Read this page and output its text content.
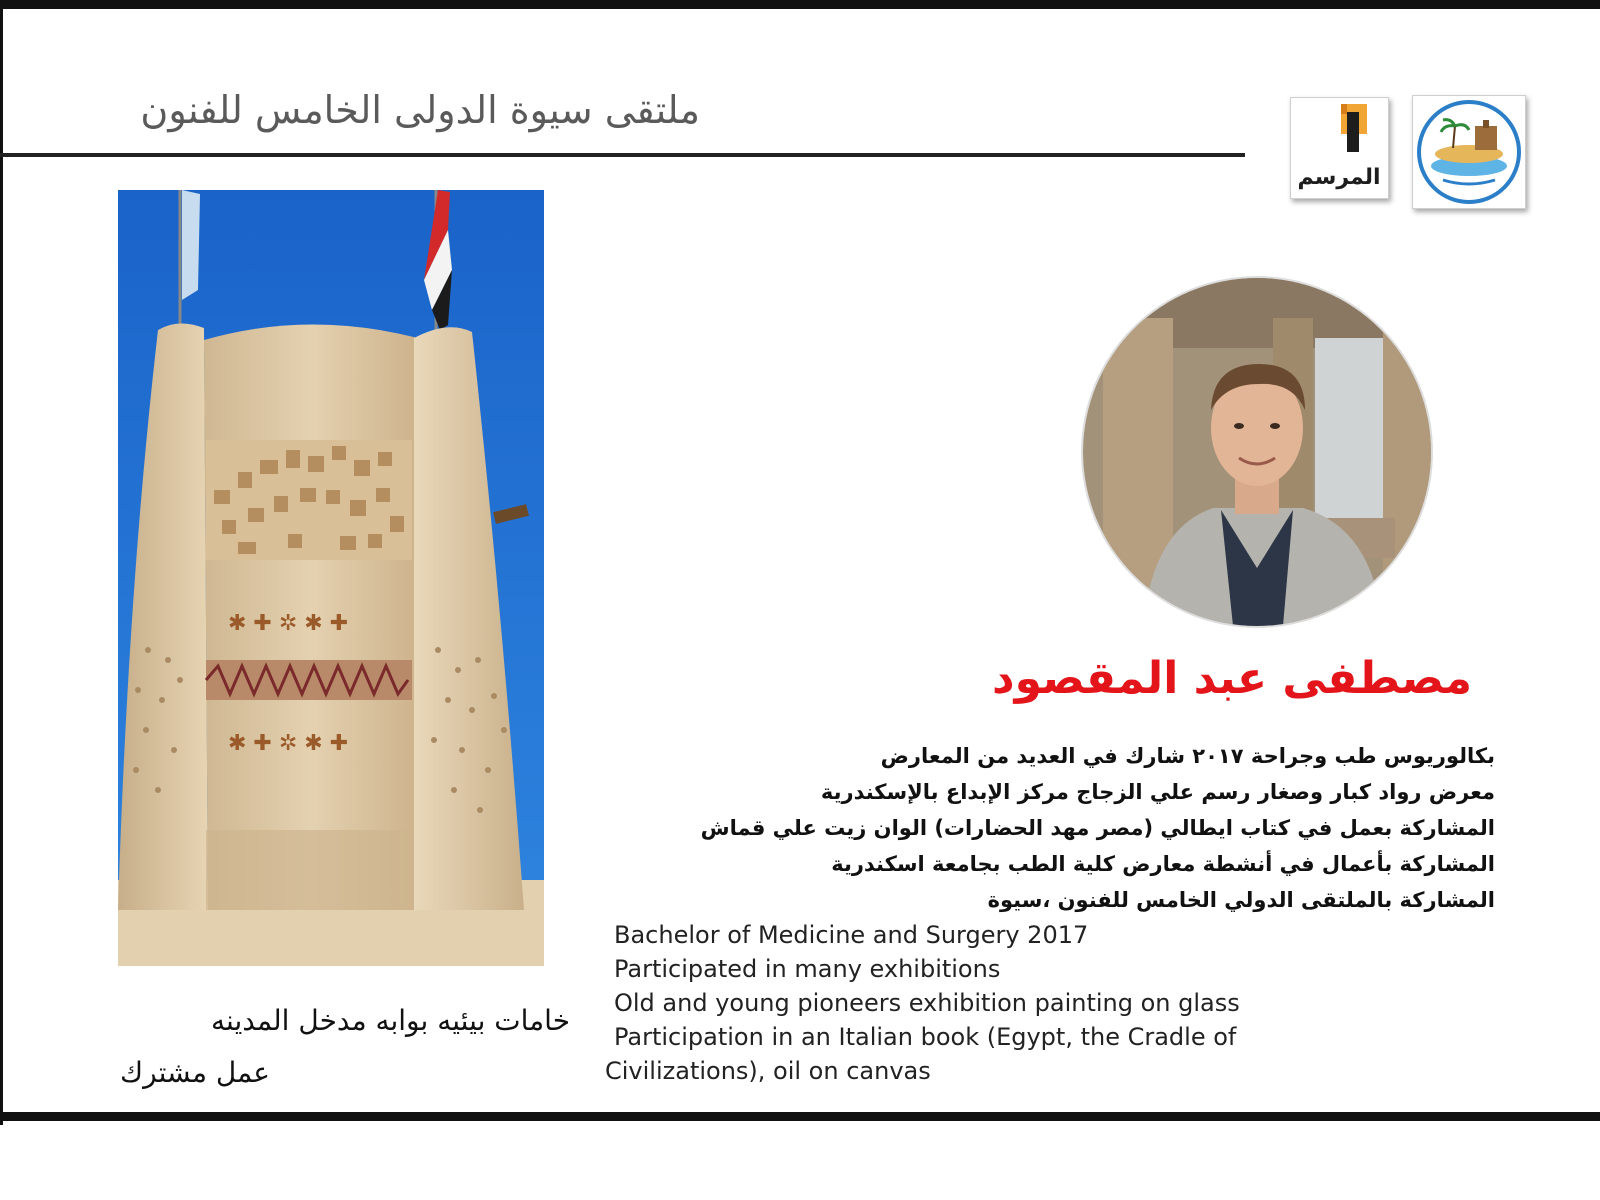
ملتقى سيوة الدولى الخامس للفنون
المرسم
✱ ✚ ✲ ✱ ✚
✱ ✚ ✲ ✱ ✚
خامات بيئيه بوابه مدخل المدينه
عمل مشترك
مصطفى عبد المقصود
بكالوريوس طب وجراحة ٢٠١٧ شارك في العديد من المعارض
معرض رواد كبار وصغار رسم علي الزجاج مركز الإبداع بالإسكندرية
المشاركة بعمل في كتاب ايطالي (مصر مهد الحضارات) الوان زيت علي قماش
المشاركة بأعمال في أنشطة معارض كلية الطب بجامعة اسكندرية
المشاركة بالملتقى الدولي الخامس للفنون ،سيوة
Bachelor of Medicine and Surgery 2017
Participated in many exhibitions
Old and young pioneers exhibition painting on glass
Participation in an Italian book (Egypt, the Cradle of
Civilizations), oil on canvas
